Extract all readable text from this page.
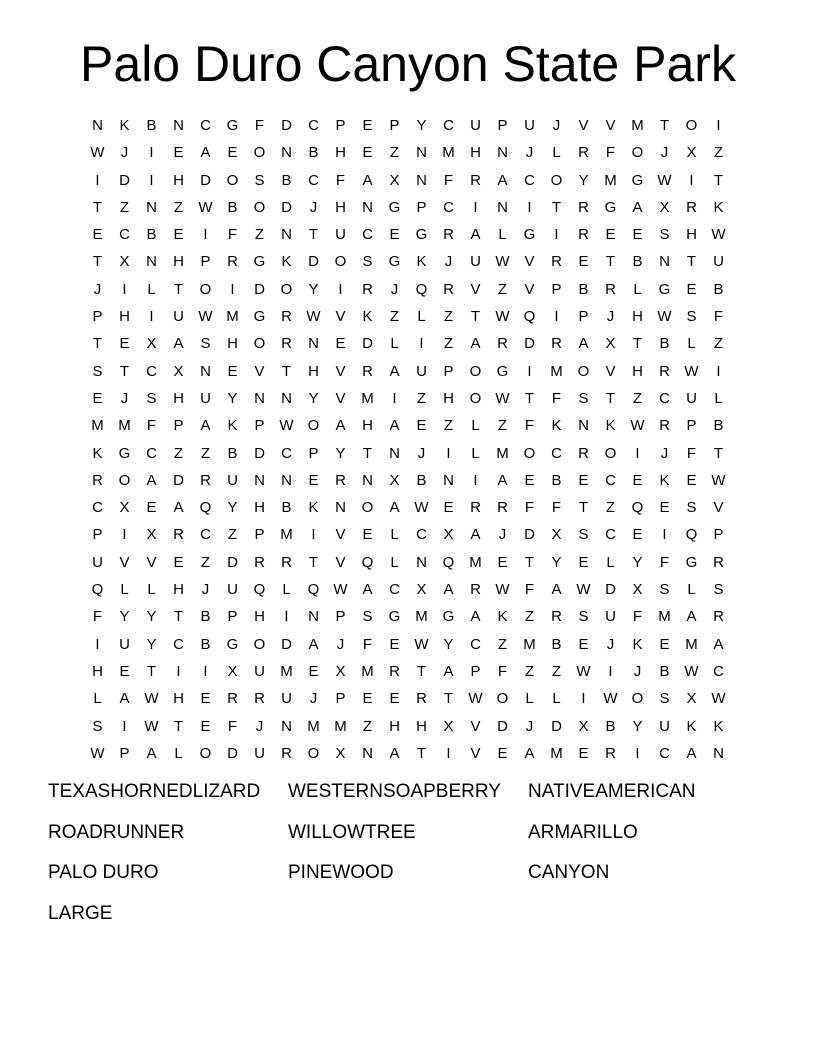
Palo Duro Canyon State Park
N	K	B	N	C	G	F	D	C	P	E	P	Y	C	U	P	U	J	V	V	M	T	O	I
W	J	I	E	A	E	O	N	B	H	E	Z	N	M	H	N	J	L	R	F	O	J	X	Z
I	D	I	H	D	O	S	B	C	F	A	X	N	F	R	A	C	O	Y	M G W	I	T
T	Z	N	Z	W B	O	D	J	H	N	G	P	C	I	N	I	T	R	G	A	X	R	K
E	C	B	E	I	F	Z	N	T	U	C	E	G	R	A	L	G	I	R	E	E	S	H W
T	X	N	H	P	R	G	K	D	O	S	G	K	J	U W V	R	E	T	B	N	T	U
J	I	L	T	O	I	D	O	Y	I	R	J	Q	R	V	Z	V	P	B	R	L	G	E	B
P	H	I	U W M G	R W V	K	Z	L	Z	T	W Q	I	P	J	H W S	F
T	E	X	A	S	H	O	R	N	E	D	L	I	Z	A	R	D	R	A	X	T	B	L	Z
S	T	C	X	N	E	V	T	H	V	R	A	U	P	O	G	I	M O	V	H	R W	I
E	J	S	H	U	Y	N	N	Y	V	M	I	Z	H	O W	T	F	S	T	Z	C	U	L
M M	F	P	A	K	P W O	A	H	A	E	Z	L	Z	F	K	N	K W R	P	B
K	G	C	Z	Z	B	D	C	P	Y	T	N	J	I	L	M O	C	R	O	I	J	F	T
R	O	A	D	R	U	N	N	E	R	N	X	B	N	I	A	E	B	E	C	E	K	E W
C	X	E	A	Q	Y	H	B	K	N	O	A W E	R	R	F	F	T	Z	Q	E	S	V
P	I	X	R	C	Z	P	M	I	V	E	L	C	X	A	J	D	X	S	C	E	I	Q	P
U	V	V	E	Z	D	R	R	T	V	Q	L	N	Q M	E	T	Y	E	L	Y	F	G	R
Q	L	L	H	J	U	Q	L	Q W A	C	X	A	R W	F	A W D	X	S	L	S
F	Y	Y	T	B	P	H	I	N	P	S	G M G	A	K	Z	R	S	U	F	M	A	R
I	U	Y	C	B	G	O	D	A	J	F	E W Y	C	Z	M	B	E	J	K	E	M	A
H	E	T	I	I	X	U	M	E	X	M	R	T	A	P	F	Z	Z	W	I	J	B W C
L	A W H	E	R	R	U	J	P	E	E	R	T	W O	L	L	I	W O	S	X W
S	I	W	T	E	F	J	N	M M	Z	H	H	X	V	D	J	D	X	B	Y	U	K	K
W P	A	L	O	D	U	R	O	X	N	A	T	I	V	E	A	M	E	R	I	C	A	N
TEXASHORNEDLIZARD	WESTERNSOAPBERRY	NATIVEAMERICAN
ROADRUNNER	WILLOWTREE	ARMARILLO
PALO DURO	PINEWOOD	CANYON
LARGE
